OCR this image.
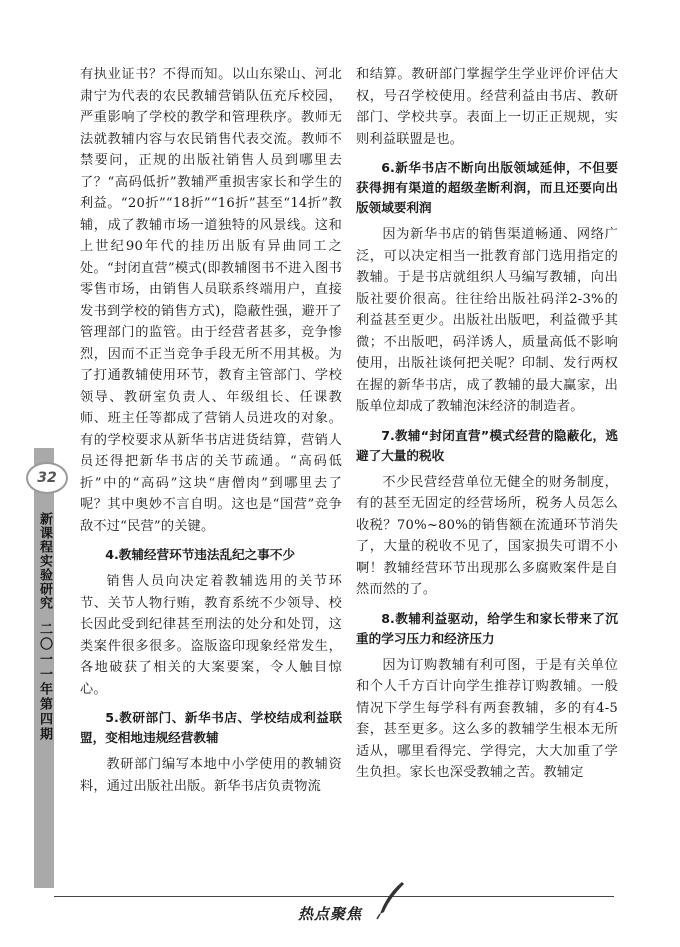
32
新课程实验研究
二〇一一年第四期

有执业证书？不得而知。以山东梁山、河北肃宁为代表的农民教辅营销队伍充斥校园，严重影响了学校的教学和管理秩序。教师无法就教辅内容与农民销售代表交流。教师不禁要问，正规的出版社销售人员到哪里去了？“高码低折”教辅严重损害家长和学生的利益。“20折”“18折”“16折”甚至“14折”教辅，成了教辅市场一道独特的风景线。这和上世纪90年代的挂历出版有异曲同工之处。“封闭直营”模式(即教辅图书不进入图书零售市场，由销售人员联系终端用户，直接发书到学校的销售方式)，隐蔽性强，避开了管理部门的监管。由于经营者甚多，竞争惨烈，因而不正当竞争手段无所不用其极。为了打通教辅使用环节，教育主管部门、学校领导、教研室负责人、年级组长、任课教师、班主任等都成了营销人员进攻的对象。有的学校要求从新华书店进货结算，营销人员还得把新华书店的关节疏通。“高码低折”中的“高码”这块“唐僧肉”到哪里去了呢？其中奥妙不言自明。这也是“国营”竞争敌不过“民营”的关键。

4.教辅经营环节违法乱纪之事不少

销售人员向决定着教辅选用的关节环节、关节人物行贿，教育系统不少领导、校长因此受到纪律甚至刑法的处分和处罚，这类案件很多很多。盗版盗印现象经常发生，各地破获了相关的大案要案，令人触目惊心。

5.教研部门、新华书店、学校结成利益联盟，变相地违规经营教辅

教研部门编写本地中小学使用的教辅资料，通过出版社出版。新华书店负责物流

和结算。教研部门掌握学生学业评价评估大权，号召学校使用。经营利益由书店、教研部门、学校共享。表面上一切正正规规，实则利益联盟是也。

6.新华书店不断向出版领域延伸，不但要获得拥有渠道的超级垄断利润，而且还要向出版领域要利润

因为新华书店的销售渠道畅通、网络广泛，可以决定相当一批教育部门选用指定的教辅。于是书店就组织人马编写教辅，向出版社要价很高。往往给出版社码洋2-3%的利益甚至更少。出版社出版吧，利益微乎其微；不出版吧，码洋诱人，质量高低不影响使用，出版社谈何把关呢？印制、发行两权在握的新华书店，成了教辅的最大赢家，出版单位却成了教辅泡沫经济的制造者。

7.教辅“封闭直营”模式经营的隐蔽化，逃避了大量的税收

不少民营经营单位无健全的财务制度，有的甚至无固定的经营场所，税务人员怎么收税？70%~80%的销售额在流通环节消失了，大量的税收不见了，国家损失可谓不小啊！教辅经营环节出现那么多腐败案件是自然而然的了。

8.教辅利益驱动，给学生和家长带来了沉重的学习压力和经济压力

因为订购教辅有利可图，于是有关单位和个人千方百计向学生推荐订购教辅。一般情况下学生每学科有两套教辅，多的有4-5套，甚至更多。这么多的教辅学生根本无所适从，哪里看得完、学得完，大大加重了学生负担。家长也深受教辅之苦。教辅定

热点聚焦
